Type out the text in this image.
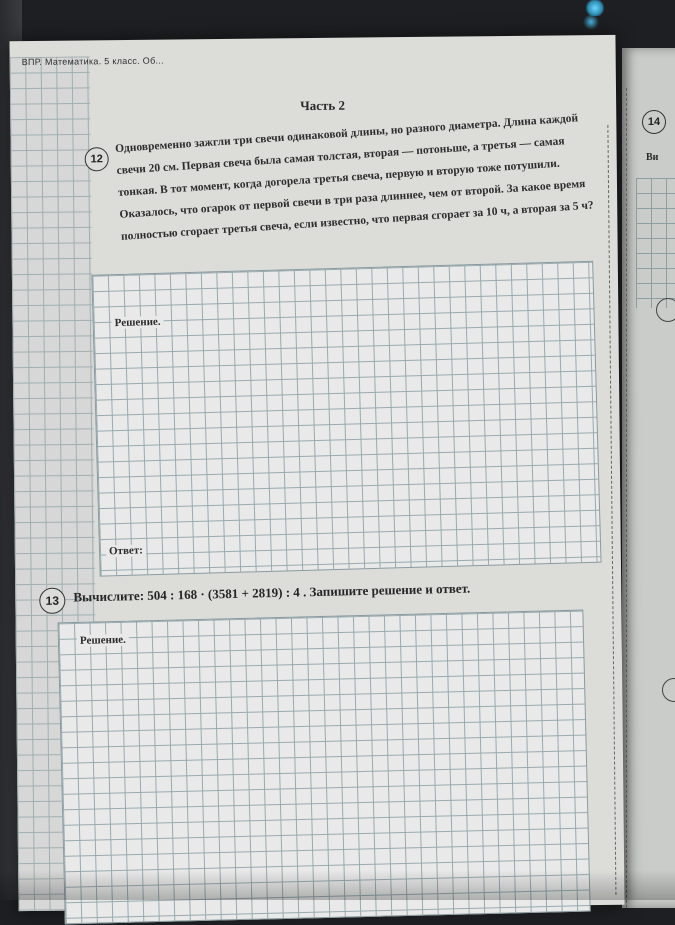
14
Ви
ВПР. Математика. 5 класс. Об...
Часть 2
12
Одновременно зажгли три свечи одинаковой длины, но разного диаметра. Длина каждой свечи 20 см. Первая свеча была самая толстая, вторая — потоньше, а третья — самая тонкая. В тот момент, когда догорела третья свеча, первую и вторую тоже потушили. Оказалось, что огарок от первой свечи в три раза длиннее, чем от второй. За какое время полностью сгорает третья свеча, если известно, что первая сгорает за 10 ч, а вторая за 5 ч?
Решение.
Ответ:
13	Вычислите: 504 : 168 · (3581 + 2819) : 4 . Запишите решение и ответ.
Решение.
